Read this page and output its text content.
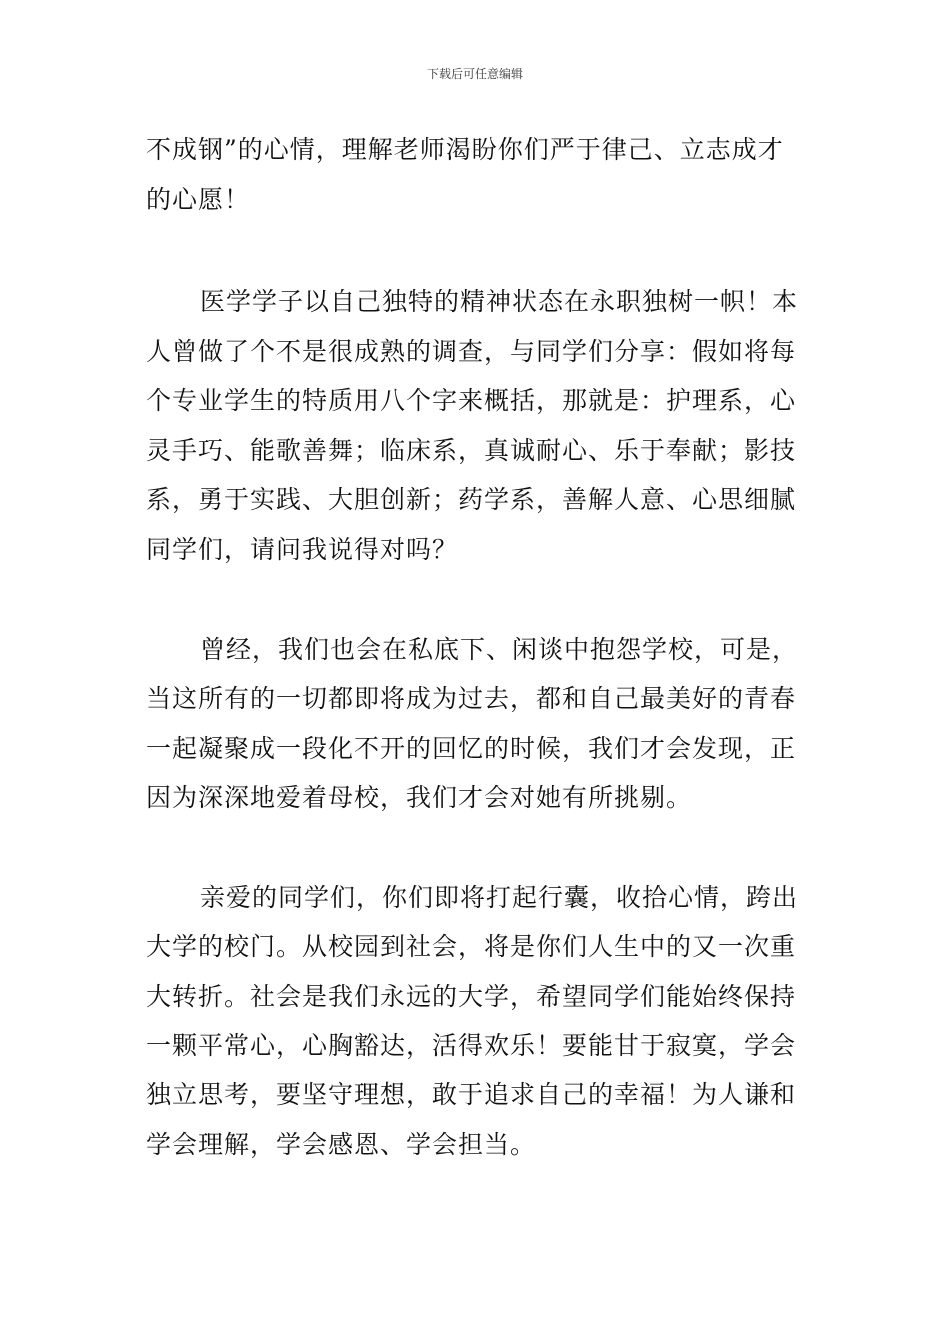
下载后可任意编辑
不成钢”的心情，理解老师渴盼你们严于律己、立志成才
的心愿！
医学学子以自己独特的精神状态在永职独树一帜！本
人曾做了个不是很成熟的调查，与同学们分享：假如将每
个专业学生的特质用八个字来概括，那就是：护理系，心
灵手巧、能歌善舞；临床系，真诚耐心、乐于奉献；影技
系，勇于实践、大胆创新；药学系，善解人意、心思细腻
同学们，请问我说得对吗？
曾经，我们也会在私底下、闲谈中抱怨学校，可是，
当这所有的一切都即将成为过去，都和自己最美好的青春
一起凝聚成一段化不开的回忆的时候，我们才会发现，正
因为深深地爱着母校，我们才会对她有所挑剔。
亲爱的同学们，你们即将打起行囊，收拾心情，跨出
大学的校门。从校园到社会，将是你们人生中的又一次重
大转折。社会是我们永远的大学，希望同学们能始终保持
一颗平常心，心胸豁达，活得欢乐！要能甘于寂寞，学会
独立思考，要坚守理想，敢于追求自己的幸福！为人谦和
学会理解，学会感恩、学会担当。
